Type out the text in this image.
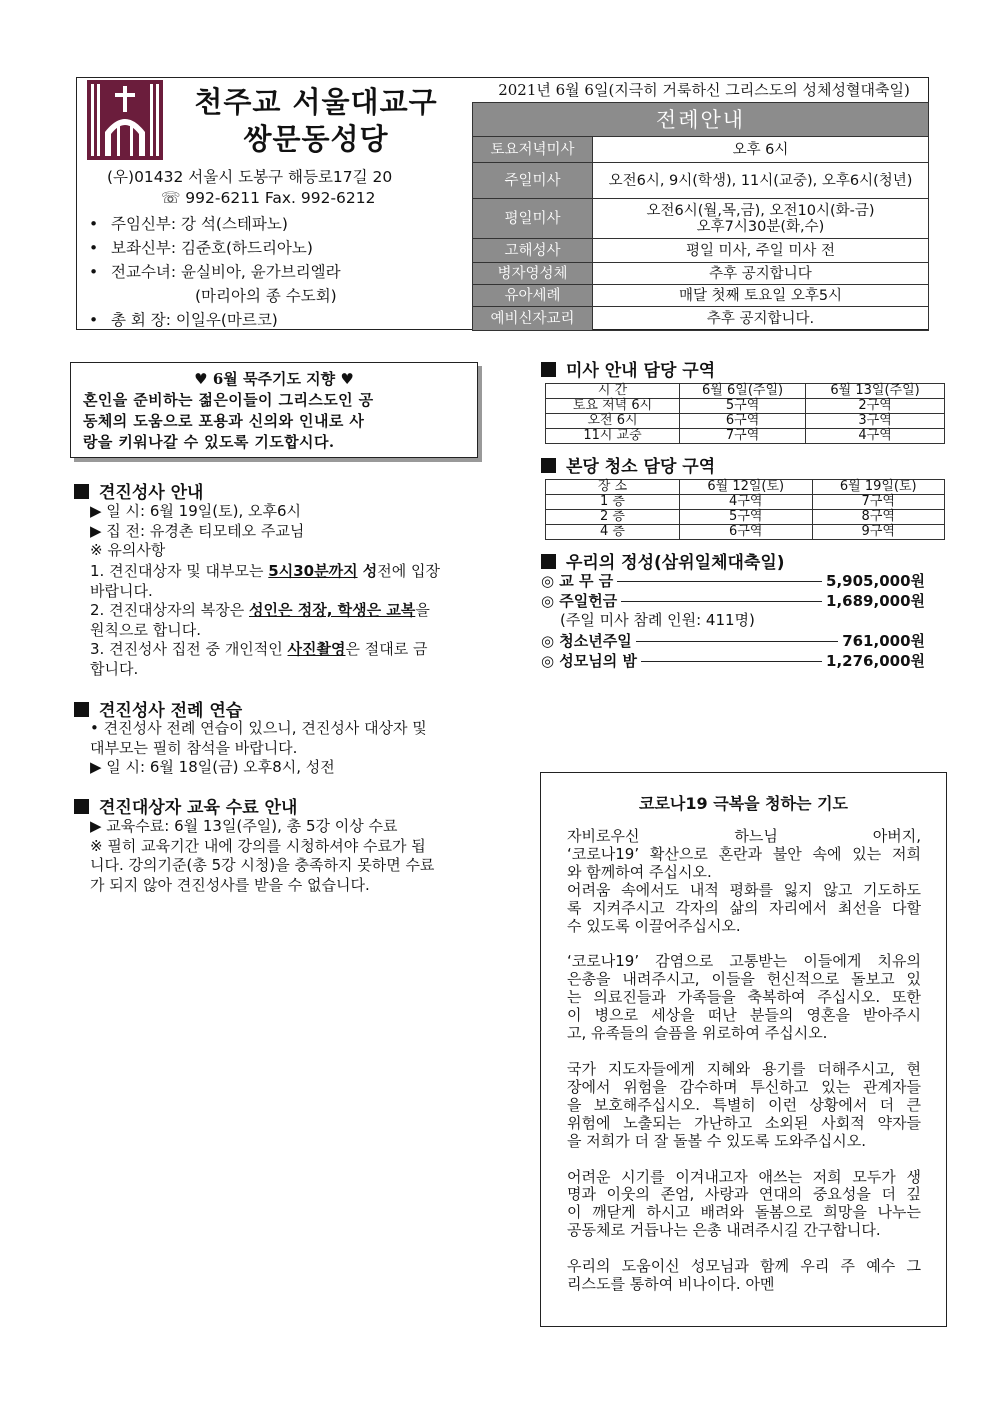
천주교 서울대교구
쌍문동성당
(우)01432 서울시 도봉구 해등로17길 20
☏ 992-6211 Fax. 992-6212
2021년 6월 6일(지극히 거룩하신 그리스도의 성체성혈대축일)
전례안내	
토요저녁미사	오후 6시
주일미사	오전6시, 9시(학생), 11시(교중), 오후6시(청년)
평일미사	오전6시(월,목,금), 오전10시(화-금)
오후7시30분(화,수)

고해성사	평일 미사, 주일 미사 전
병자영성체	추후 공지합니다
유아세례	매달 첫째 토요일 오후5시
예비신자교리	추후 공지합니다.
• 주임신부: 강 석(스테파노)
• 보좌신부: 김준호(하드리아노)
• 전교수녀: 윤실비아, 윤가브리엘라
(마리아의 종 수도회)
• 총 회 장: 이일우(마르코)
♥ 6월 묵주기도 지향 ♥
혼인을 준비하는 젊은이들이 그리스도인 공
동체의 도움으로 포용과 신의와 인내로 사
랑을 키워나갈 수 있도록 기도합시다.
견진성사 안내
▶ 일 시: 6월 19일(토), 오후6시
▶ 집 전: 유경촌 티모테오 주교님
※ 유의사항
1. 견진대상자 및 대부모는 5시30분까지 성전에 입장
바랍니다.
2. 견진대상자의 복장은 성인은 정장, 학생은 교복을
원칙으로 합니다.
3. 견진성사 집전 중 개인적인 사진촬영은 절대로 금
합니다.
견진성사 전례 연습
• 견진성사 전례 연습이 있으니, 견진성사 대상자 및
대부모는 필히 참석을 바랍니다.
▶ 일 시: 6월 18일(금) 오후8시, 성전
견진대상자 교육 수료 안내
▶ 교육수료: 6월 13일(주일), 총 5강 이상 수료
※ 필히 교육기간 내에 강의를 시청하셔야 수료가 됩
니다. 강의기준(총 5강 시청)을 충족하지 못하면 수료
가 되지 않아 견진성사를 받을 수 없습니다.
미사 안내 담당 구역
시 간	6월 6일(주일)	6월 13일(주일)
토요 저녁 6시	5구역	2구역
오전 6시	6구역	3구역
11시 교중	7구역	4구역
본당 청소 담당 구역
장 소	6월 12일(토)	6월 19일(토)
1 층	4구역	7구역
2 층	5구역	8구역
4 층	6구역	9구역
우리의 정성(삼위일체대축일)
◎ 교 무 금	5,905,000원
◎ 주일헌금	1,689,000원
(주일 미사 참례 인원: 411명)
◎ 청소년주일	761,000원
◎ 성모님의 밤	1,276,000원
코로나19 극복을 청하는 기도

자비로우신 하느님 아버지,

‘코로나19’ 확산으로 혼란과 불안 속에 있는 저희

와 함께하여 주십시오.

어려움 속에서도 내적 평화를 잃지 않고 기도하도

록 지켜주시고 각자의 삶의 자리에서 최선을 다할

수 있도록 이끌어주십시오.

‘코로나19’ 감염으로 고통받는 이들에게 치유의

은총을 내려주시고, 이들을 헌신적으로 돌보고 있

는 의료진들과 가족들을 축복하여 주십시오. 또한

이 병으로 세상을 떠난 분들의 영혼을 받아주시

고, 유족들의 슬픔을 위로하여 주십시오.

국가 지도자들에게 지혜와 용기를 더해주시고, 현

장에서 위험을 감수하며 투신하고 있는 관계자들

을 보호해주십시오. 특별히 이런 상황에서 더 큰

위험에 노출되는 가난하고 소외된 사회적 약자들

을 저희가 더 잘 돌볼 수 있도록 도와주십시오.

어려운 시기를 이겨내고자 애쓰는 저희 모두가 생

명과 이웃의 존엄, 사랑과 연대의 중요성을 더 깊

이 깨닫게 하시고 배려와 돌봄으로 희망을 나누는

공동체로 거듭나는 은총 내려주시길 간구합니다.

우리의 도움이신 성모님과 함께 우리 주 예수 그

리스도를 통하여 비나이다. 아멘
